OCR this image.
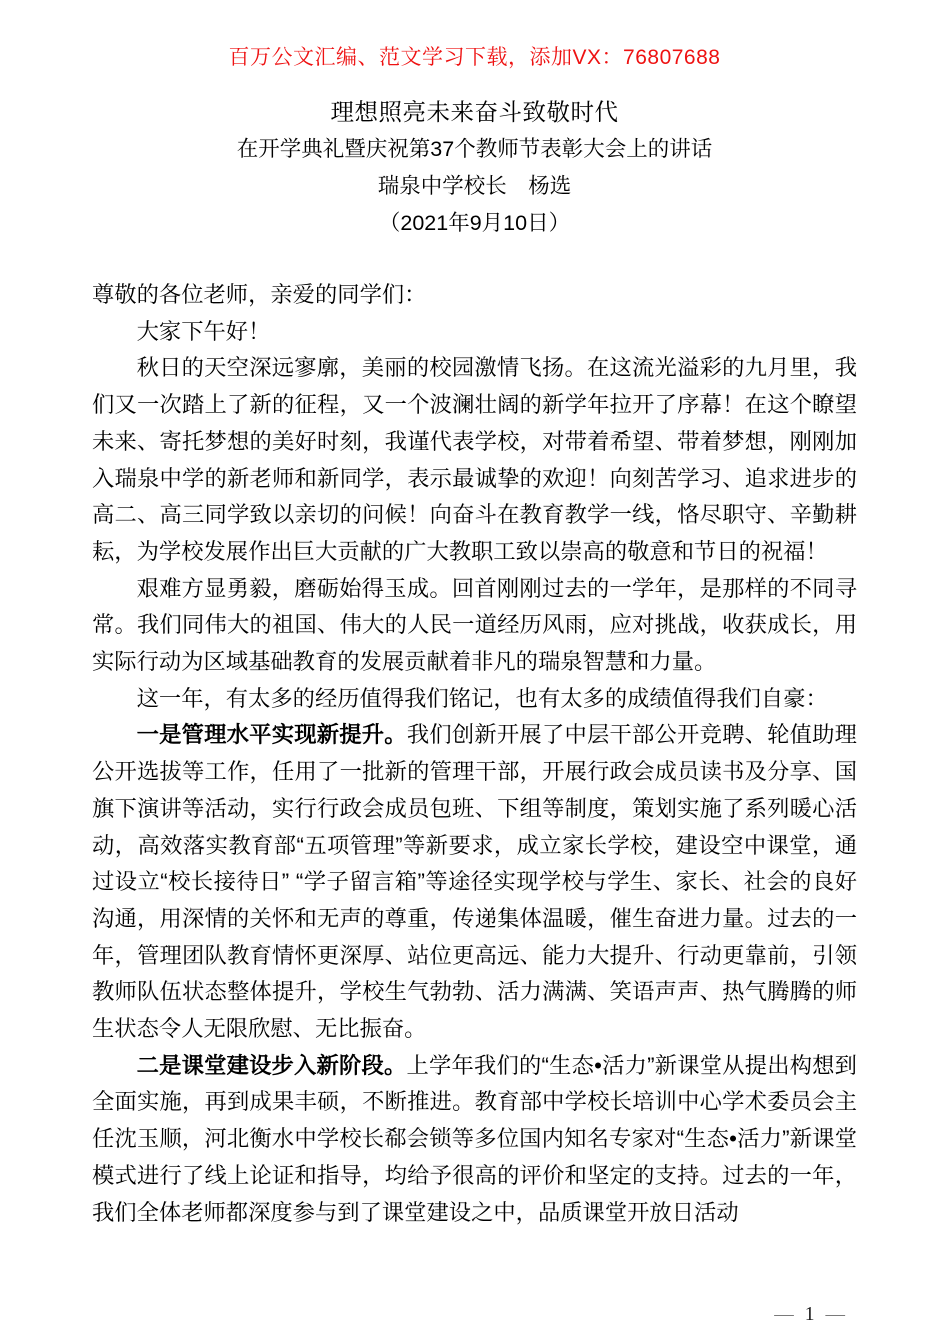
百万公文汇编、范文学习下载，添加VX：76807688
理想照亮未来奋斗致敬时代
在开学典礼暨庆祝第37个教师节表彰大会上的讲话
瑞泉中学校长　杨选
（2021年9月10日）

尊敬的各位老师，亲爱的同学们：

大家下午好！

秋日的天空深远寥廓，美丽的校园激情飞扬。在这流光溢彩的九月里，我们又一次踏上了新的征程，又一个波澜壮阔的新学年拉开了序幕！在这个瞭望未来、寄托梦想的美好时刻，我谨代表学校，对带着希望、带着梦想，刚刚加入瑞泉中学的新老师和新同学，表示最诚挚的欢迎！向刻苦学习、追求进步的高二、高三同学致以亲切的问候！向奋斗在教育教学一线，恪尽职守、辛勤耕耘，为学校发展作出巨大贡献的广大教职工致以崇高的敬意和节日的祝福！

艰难方显勇毅，磨砺始得玉成。回首刚刚过去的一学年，是那样的不同寻常。我们同伟大的祖国、伟大的人民一道经历风雨，应对挑战，收获成长，用实际行动为区域基础教育的发展贡献着非凡的瑞泉智慧和力量。

这一年，有太多的经历值得我们铭记，也有太多的成绩值得我们自豪：

一是管理水平实现新提升。我们创新开展了中层干部公开竞聘、轮值助理公开选拔等工作，任用了一批新的管理干部，开展行政会成员读书及分享、国旗下演讲等活动，实行行政会成员包班、下组等制度，策划实施了系列暖心活动，高效落实教育部“五项管理”等新要求，成立家长学校，建设空中课堂，通过设立“校长接待日” “学子留言箱”等途径实现学校与学生、家长、社会的良好沟通，用深情的关怀和无声的尊重，传递集体温暖，催生奋进力量。过去的一年，管理团队教育情怀更深厚、站位更高远、能力大提升、行动更靠前，引领教师队伍状态整体提升，学校生气勃勃、活力满满、笑语声声、热气腾腾的师生状态令人无限欣慰、无比振奋。

二是课堂建设步入新阶段。上学年我们的“生态•活力”新课堂从提出构想到全面实施，再到成果丰硕，不断推进。教育部中学校长培训中心学术委员会主任沈玉顺，河北衡水中学校长郗会锁等多位国内知名专家对“生态•活力”新课堂模式进行了线上论证和指导，均给予很高的评价和坚定的支持。过去的一年，我们全体老师都深度参与到了课堂建设之中，品质课堂开放日活动

— 1 —
